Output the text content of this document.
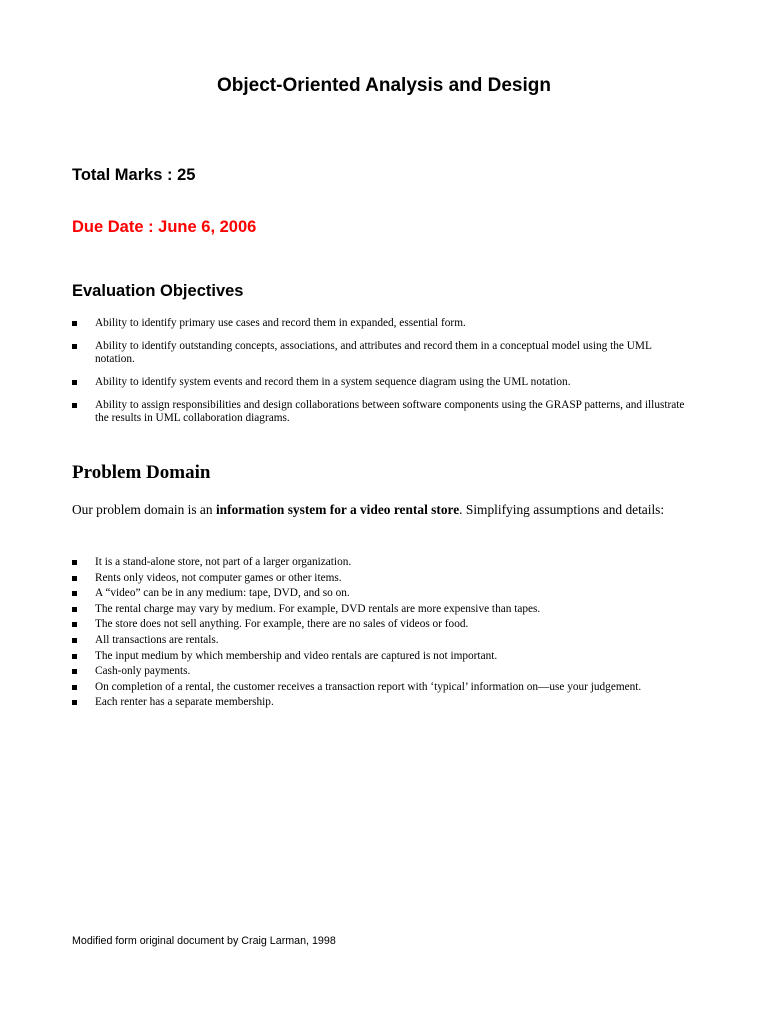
Object-Oriented Analysis and Design
Total Marks : 25
Due Date : June 6, 2006
Evaluation Objectives
Ability to identify primary use cases and record them in expanded, essential form.
Ability to identify outstanding concepts, associations, and attributes and record them in a conceptual model using the UML notation.
Ability to identify system events and record them in a system sequence diagram using the UML notation.
Ability to assign responsibilities and design collaborations between software components using the GRASP patterns, and illustrate the results in UML collaboration diagrams.
Problem Domain
Our problem domain is an information system for a video rental store. Simplifying assumptions and details:
It is a stand-alone store, not part of a larger organization.
Rents only videos, not computer games or other items.
A “video” can be in any medium: tape, DVD, and so on.
The rental charge may vary by medium. For example, DVD rentals are more expensive than tapes.
The store does not sell anything. For example, there are no sales of videos or food.
All transactions are rentals.
The input medium by which membership and video rentals are captured is not important.
Cash-only payments.
On completion of a rental, the customer receives a transaction report with ‘typical’ information on—use your judgement.
Each renter has a separate membership.
Modified form original document by Craig Larman, 1998
